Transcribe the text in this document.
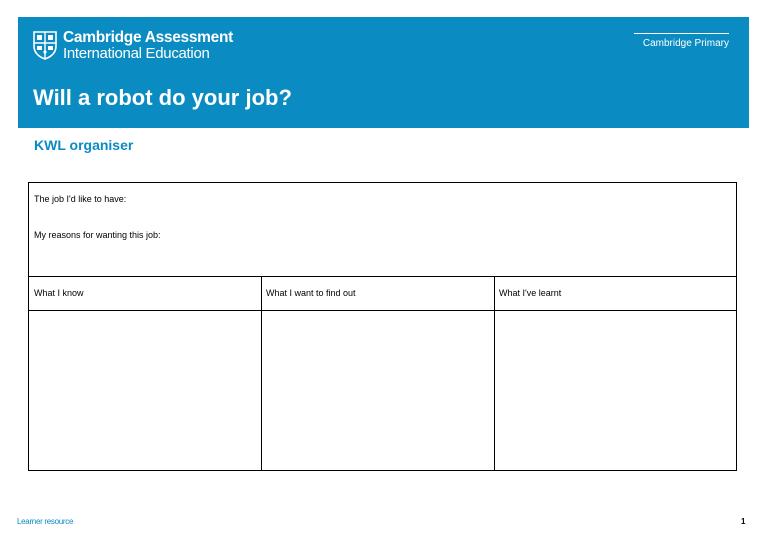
Cambridge Assessment
International Education
Cambridge Primary
Will a robot do your job?
KWL organiser
The job I'd like to have:
My reasons for wanting this job:
What I know	What I want to find out	What I've learnt
Learner resource	1
